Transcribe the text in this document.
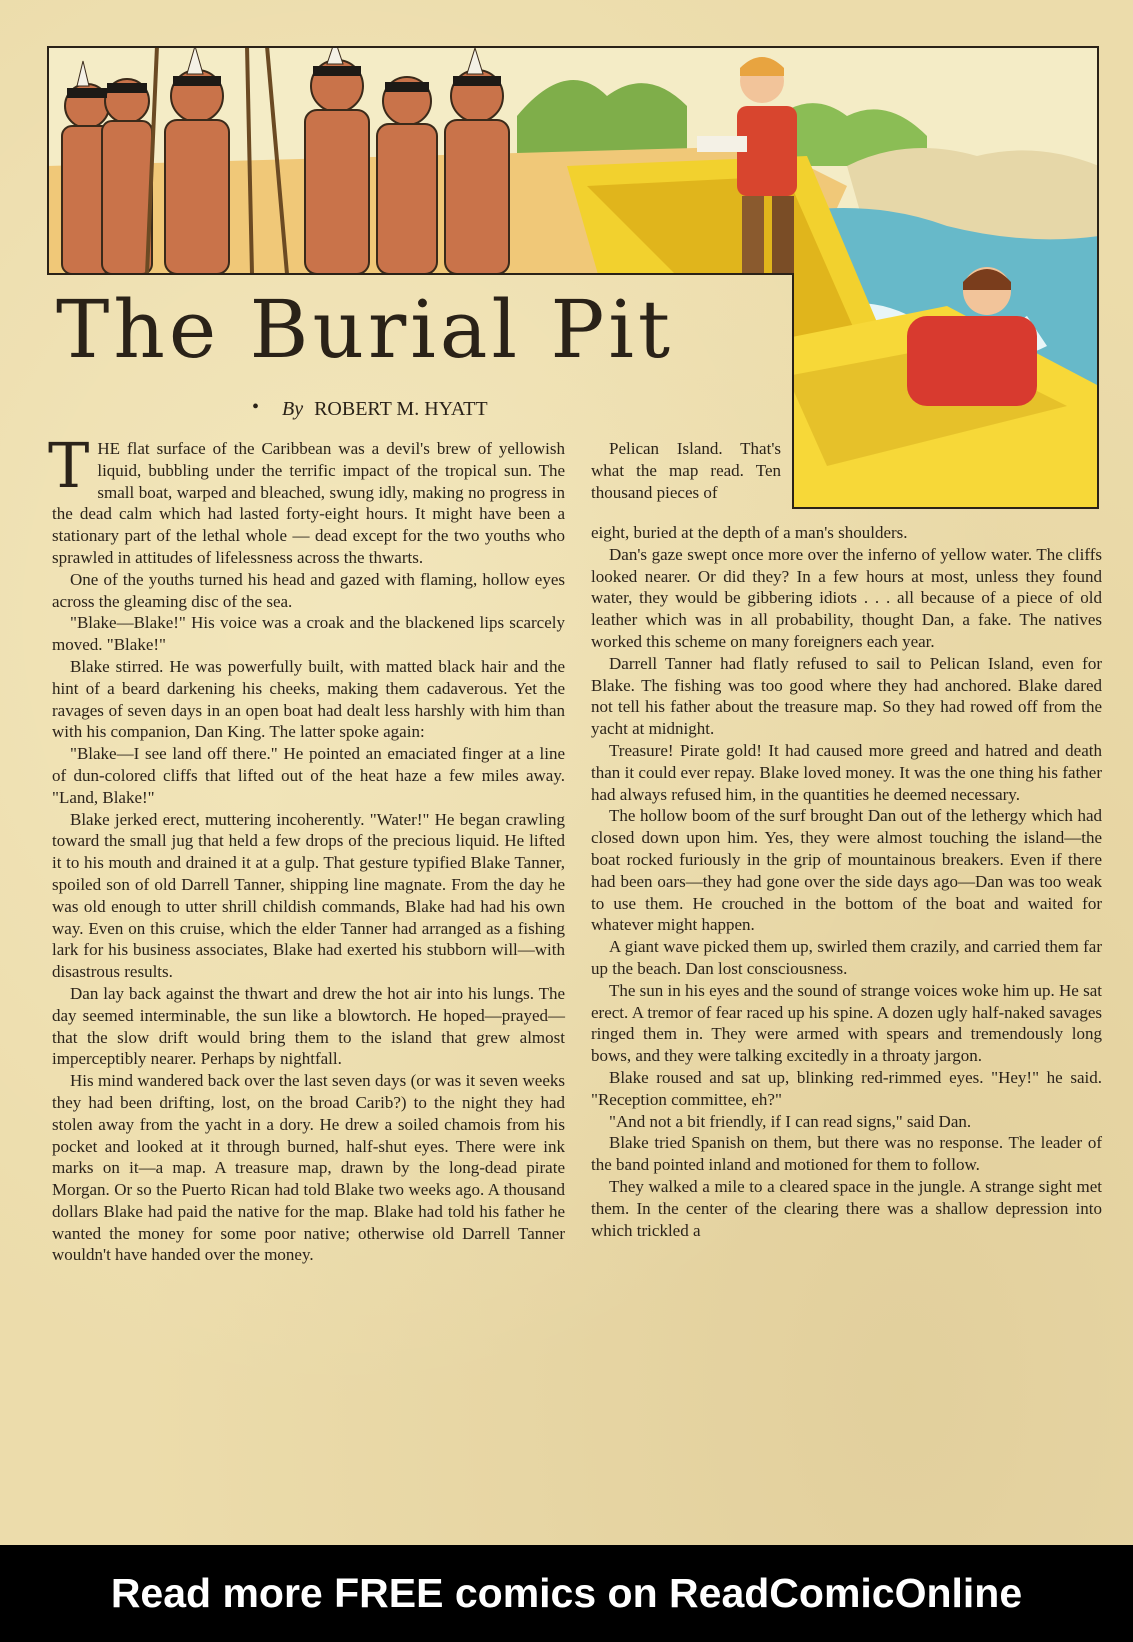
The Burial Pit
• By ROBERT M. HYATT

THE flat surface of the Caribbean was a devil's brew of yellowish liquid, bubbling under the terrific impact of the tropical sun. The small boat, warped and bleached, swung idly, making no progress in the dead calm which had lasted forty-eight hours. It might have been a stationary part of the lethal whole — dead except for the two youths who sprawled in attitudes of lifelessness across the thwarts.

One of the youths turned his head and gazed with flaming, hollow eyes across the gleaming disc of the sea.

"Blake—Blake!" His voice was a croak and the blackened lips scarcely moved. "Blake!"

Blake stirred. He was powerfully built, with matted black hair and the hint of a beard darkening his cheeks, making them cadaverous. Yet the ravages of seven days in an open boat had dealt less harshly with him than with his companion, Dan King. The latter spoke again:

"Blake—I see land off there." He pointed an emaciated finger at a line of dun-colored cliffs that lifted out of the heat haze a few miles away. "Land, Blake!"

Blake jerked erect, muttering incoherently. "Water!" He began crawling toward the small jug that held a few drops of the precious liquid. He lifted it to his mouth and drained it at a gulp. That gesture typified Blake Tanner, spoiled son of old Darrell Tanner, shipping line magnate. From the day he was old enough to utter shrill childish commands, Blake had had his own way. Even on this cruise, which the elder Tanner had arranged as a fishing lark for his business associates, Blake had exerted his stubborn will—with disastrous results.

Dan lay back against the thwart and drew the hot air into his lungs. The day seemed interminable, the sun like a blowtorch. He hoped—prayed—that the slow drift would bring them to the island that grew almost imperceptibly nearer. Perhaps by nightfall.

His mind wandered back over the last seven days (or was it seven weeks they had been drifting, lost, on the broad Carib?) to the night they had stolen away from the yacht in a dory. He drew a soiled chamois from his pocket and looked at it through burned, half-shut eyes. There were ink marks on it—a map. A treasure map, drawn by the long-dead pirate Morgan. Or so the Puerto Rican had told Blake two weeks ago. A thousand dollars Blake had paid the native for the map. Blake had told his father he wanted the money for some poor native; otherwise old Darrell Tanner wouldn't have handed over the money.

Pelican Island. That's what the map read. Ten thousand pieces of

eight, buried at the depth of a man's shoulders.

Dan's gaze swept once more over the inferno of yellow water. The cliffs looked nearer. Or did they? In a few hours at most, unless they found water, they would be gibbering idiots . . . all because of a piece of old leather which was in all probability, thought Dan, a fake. The natives worked this scheme on many foreigners each year.

Darrell Tanner had flatly refused to sail to Pelican Island, even for Blake. The fishing was too good where they had anchored. Blake dared not tell his father about the treasure map. So they had rowed off from the yacht at midnight.

Treasure! Pirate gold! It had caused more greed and hatred and death than it could ever repay. Blake loved money. It was the one thing his father had always refused him, in the quantities he deemed necessary.

The hollow boom of the surf brought Dan out of the lethergy which had closed down upon him. Yes, they were almost touching the island—the boat rocked furiously in the grip of mountainous breakers. Even if there had been oars—they had gone over the side days ago—Dan was too weak to use them. He crouched in the bottom of the boat and waited for whatever might happen.

A giant wave picked them up, swirled them crazily, and carried them far up the beach. Dan lost consciousness.

The sun in his eyes and the sound of strange voices woke him up. He sat erect. A tremor of fear raced up his spine. A dozen ugly half-naked savages ringed them in. They were armed with spears and tremendously long bows, and they were talking excitedly in a throaty jargon.

Blake roused and sat up, blinking red-rimmed eyes. "Hey!" he said. "Reception committee, eh?"

"And not a bit friendly, if I can read signs," said Dan.

Blake tried Spanish on them, but there was no response. The leader of the band pointed inland and motioned for them to follow.

They walked a mile to a cleared space in the jungle. A strange sight met them. In the center of the clearing there was a shallow depression into which trickled a

Read more FREE comics on ReadComicOnline
